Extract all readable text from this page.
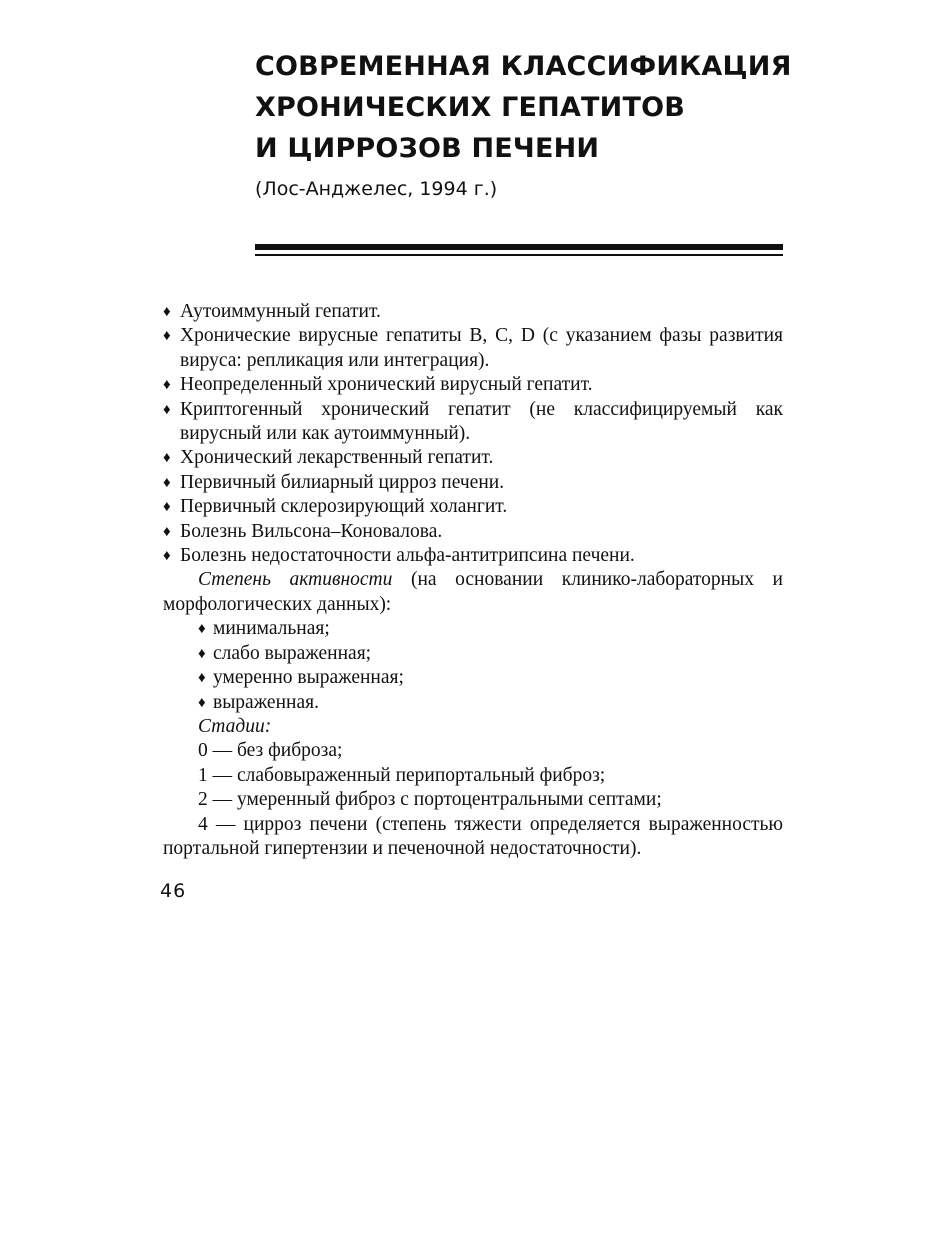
СОВРЕМЕННАЯ КЛАССИФИКАЦИЯ
ХРОНИЧЕСКИХ ГЕПАТИТОВ
И ЦИРРОЗОВ ПЕЧЕНИ
(Лос-Анджелес, 1994 г.)
♦ Аутоиммунный гепатит.
♦ Хронические вирусные гепатиты B, C, D (с указанием фазы развития вируса: репликация или интеграция).
♦ Неопределенный хронический вирусный гепатит.
♦ Криптогенный хронический гепатит (не классифицируемый как вирусный или как аутоиммунный).
♦ Хронический лекарственный гепатит.
♦ Первичный билиарный цирроз печени.
♦ Первичный склерозирующий холангит.
♦ Болезнь Вильсона–Коновалова.
♦ Болезнь недостаточности альфа-антитрипсина печени.

Степень активности (на основании клинико-лабораторных и морфологических данных):

♦ минимальная;
♦ слабо выраженная;
♦ умеренно выраженная;
♦ выраженная.
Стадии:
0 — без фиброза;
1 — слабовыраженный перипортальный фиброз;
2 — умеренный фиброз с портоцентральными септами;

4 — цирроз печени (степень тяжести определяется выраженностью портальной гипертензии и печеночной недостаточности).

46
